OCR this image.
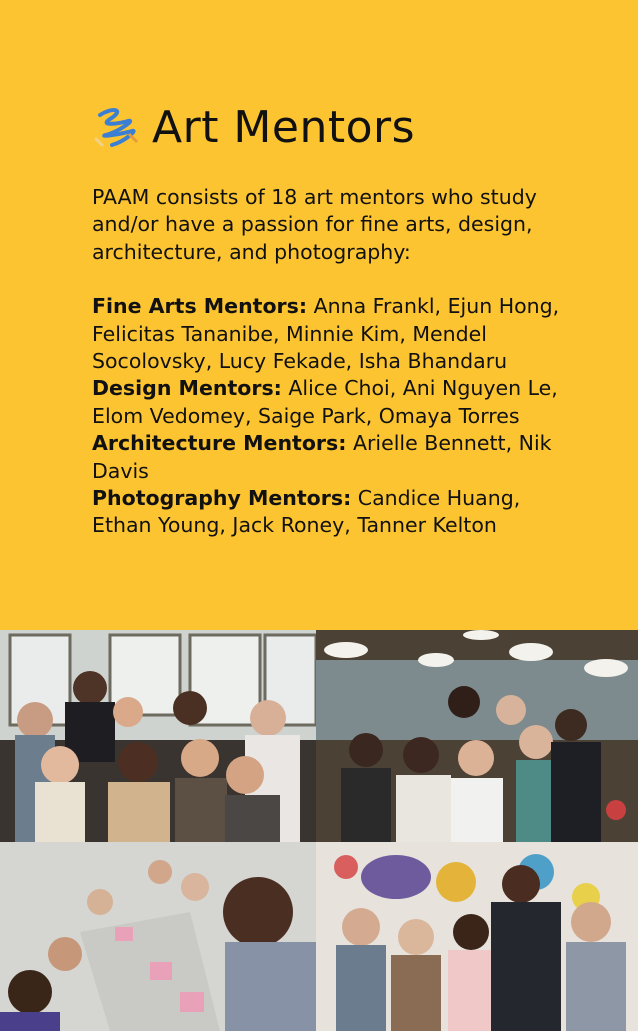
Art Mentors

PAAM consists of 18 art mentors who study and/or have a passion for fine arts, design, architecture, and photography:

Fine Arts Mentors: Anna Frankl, Ejun Hong, Felicitas Tananibe, Minnie Kim, Mendel Socolovsky, Lucy Fekade, Isha Bhandaru

Design Mentors: Alice Choi, Ani Nguyen Le, Elom Vedomey, Saige Park, Omaya Torres

Architecture Mentors: Arielle Bennett, Nik Davis

Photography Mentors: Candice Huang, Ethan Young, Jack Roney, Tanner Kelton
